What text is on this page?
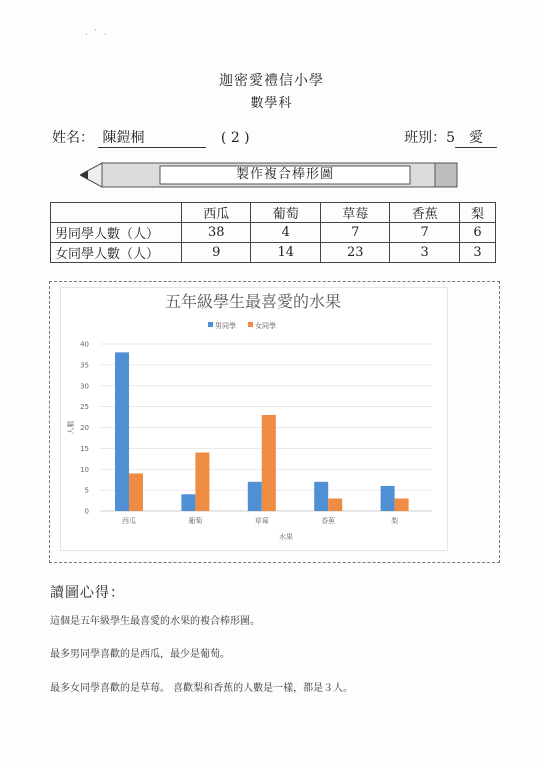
·  `  ·
迦密愛禮信小學
數學科
姓名： 陳鎧桐	( 2 )	班別：5 愛
製作複合棒形圖
	西瓜	葡萄	草莓	香蕉	梨
男同學人數（人）	38	4	7	7	6
女同學人數（人）	9	14	23	3	3
五年級學生最喜愛的水果
男同學	女同學
0
5
10
15
20
25
30
35
40
人數
西瓜	葡萄	草莓	香蕉	梨
水果
讀圖心得：
這個是五年級學生最喜愛的水果的複合棒形圖。
最多男同學喜歡的是西瓜，最少是葡萄。
最多女同學喜歡的是草莓。 喜歡梨和香蕉的人數是一樣，都是３人。
